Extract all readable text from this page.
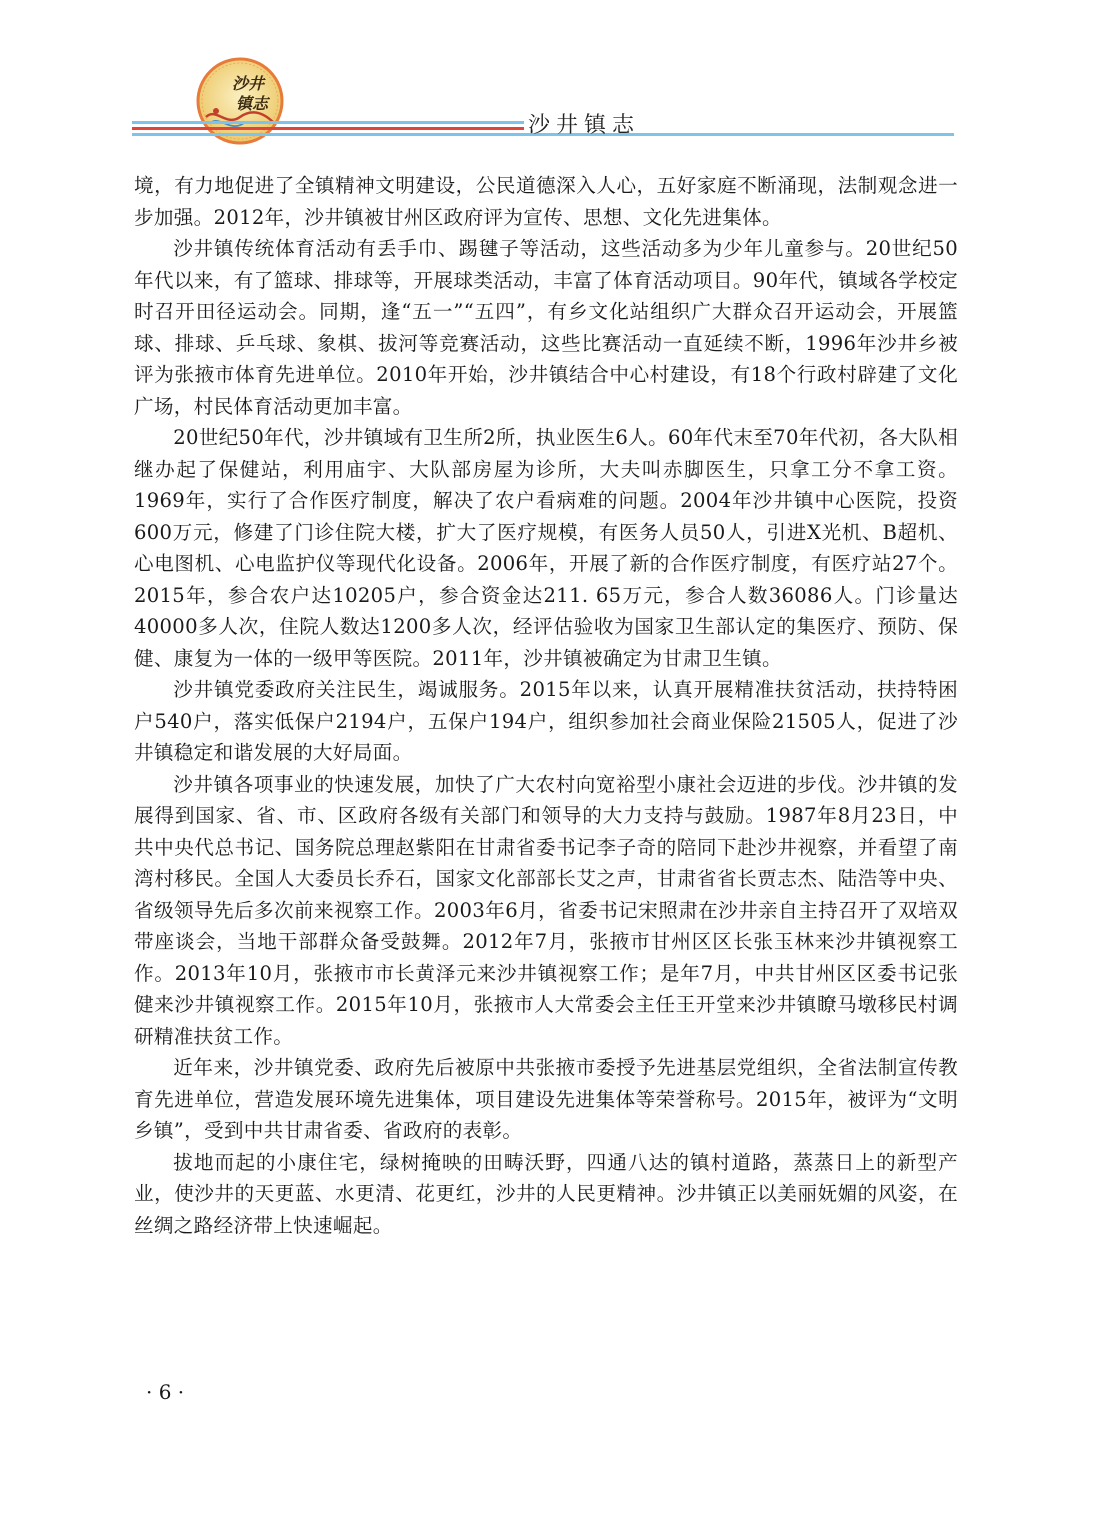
沙井
镇志
沙井镇志

境，有力地促进了全镇精神文明建设，公民道德深入人心，五好家庭不断涌现，法制观念进一步加强。2012年，沙井镇被甘州区政府评为宣传、思想、文化先进集体。

沙井镇传统体育活动有丢手巾、踢毽子等活动，这些活动多为少年儿童参与。20世纪50年代以来，有了篮球、排球等，开展球类活动，丰富了体育活动项目。90年代，镇域各学校定时召开田径运动会。同期，逢“五一”“五四”，有乡文化站组织广大群众召开运动会，开展篮球、排球、乒乓球、象棋、拔河等竞赛活动，这些比赛活动一直延续不断，1996年沙井乡被评为张掖市体育先进单位。2010年开始，沙井镇结合中心村建设，有18个行政村辟建了文化广场，村民体育活动更加丰富。

20世纪50年代，沙井镇域有卫生所2所，执业医生6人。60年代末至70年代初，各大队相继办起了保健站，利用庙宇、大队部房屋为诊所，大夫叫赤脚医生，只拿工分不拿工资。1969年，实行了合作医疗制度，解决了农户看病难的问题。2004年沙井镇中心医院，投资600万元，修建了门诊住院大楼，扩大了医疗规模，有医务人员50人，引进X光机、B超机、心电图机、心电监护仪等现代化设备。2006年，开展了新的合作医疗制度，有医疗站27个。2015年，参合农户达10205户，参合资金达211. 65万元，参合人数36086人。门诊量达40000多人次，住院人数达1200多人次，经评估验收为国家卫生部认定的集医疗、预防、保健、康复为一体的一级甲等医院。2011年，沙井镇被确定为甘肃卫生镇。

沙井镇党委政府关注民生，竭诚服务。2015年以来，认真开展精准扶贫活动，扶持特困户540户，落实低保户2194户，五保户194户，组织参加社会商业保险21505人，促进了沙井镇稳定和谐发展的大好局面。

沙井镇各项事业的快速发展，加快了广大农村向宽裕型小康社会迈进的步伐。沙井镇的发展得到国家、省、市、区政府各级有关部门和领导的大力支持与鼓励。1987年8月23日，中共中央代总书记、国务院总理赵紫阳在甘肃省委书记李子奇的陪同下赴沙井视察，并看望了南湾村移民。全国人大委员长乔石，国家文化部部长艾之声，甘肃省省长贾志杰、陆浩等中央、省级领导先后多次前来视察工作。2003年6月，省委书记宋照肃在沙井亲自主持召开了双培双带座谈会，当地干部群众备受鼓舞。2012年7月，张掖市甘州区区长张玉林来沙井镇视察工作。2013年10月，张掖市市长黄泽元来沙井镇视察工作；是年7月，中共甘州区区委书记张健来沙井镇视察工作。2015年10月，张掖市人大常委会主任王开堂来沙井镇瞭马墩移民村调研精准扶贫工作。

近年来，沙井镇党委、政府先后被原中共张掖市委授予先进基层党组织，全省法制宣传教育先进单位，营造发展环境先进集体，项目建设先进集体等荣誉称号。2015年，被评为“文明乡镇”，受到中共甘肃省委、省政府的表彰。

拔地而起的小康住宅，绿树掩映的田畴沃野，四通八达的镇村道路，蒸蒸日上的新型产业，使沙井的天更蓝、水更清、花更红，沙井的人民更精神。沙井镇正以美丽妩媚的风姿，在丝绸之路经济带上快速崛起。

· 6 ·
